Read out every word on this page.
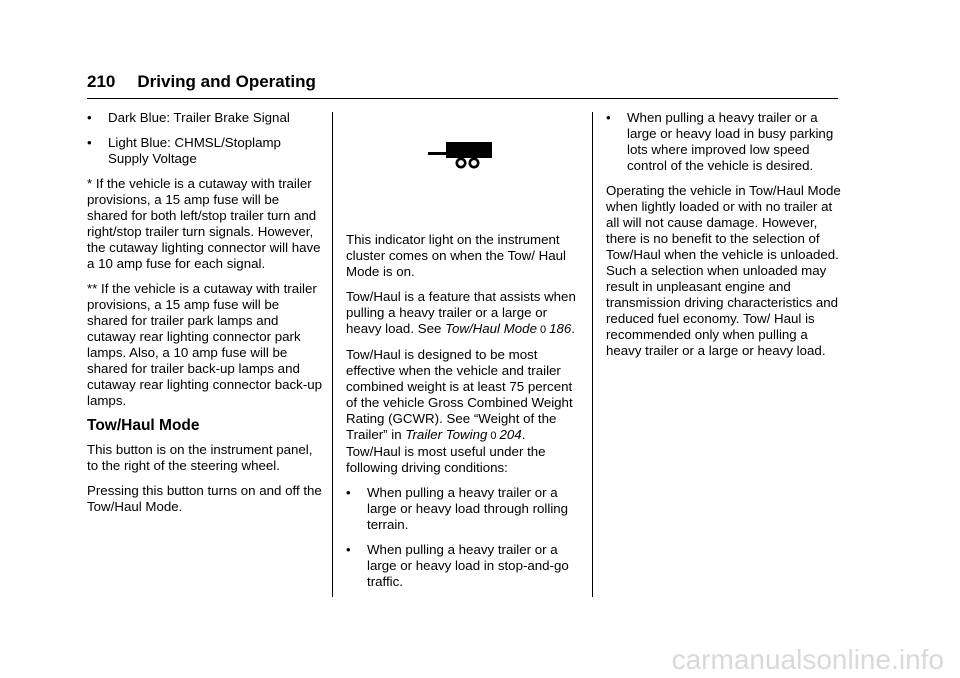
210 Driving and Operating
•	Dark Blue: Trailer Brake Signal
•	Light Blue: CHMSL/Stoplamp Supply Voltage

* If the vehicle is a cutaway with trailer provisions, a 15 amp fuse will be shared for both left/stop trailer turn and right/stop trailer turn signals. However, the cutaway lighting connector will have a 10 amp fuse for each signal.

** If the vehicle is a cutaway with trailer provisions, a 15 amp fuse will be shared for trailer park lamps and cutaway rear lighting connector park lamps. Also, a 10 amp fuse will be shared for trailer back-up lamps and cutaway rear lighting connector back-up lamps.

Tow/Haul Mode

This button is on the instrument panel, to the right of the steering wheel.

Pressing this button turns on and off the Tow/Haul Mode.

This indicator light on the instrument cluster comes on when the Tow/ Haul Mode is on.

Tow/Haul is a feature that assists when pulling a heavy trailer or a large or heavy load. See Tow/Haul Mode 0 186.

Tow/Haul is designed to be most effective when the vehicle and trailer combined weight is at least 75 percent of the vehicle Gross Combined Weight Rating (GCWR). See “Weight of the Trailer” in Trailer Towing 0 204. Tow/Haul is most useful under the following driving conditions:

•	When pulling a heavy trailer or a large or heavy load through rolling terrain.
•	When pulling a heavy trailer or a large or heavy load in stop-and-go traffic.
•	When pulling a heavy trailer or a large or heavy load in busy parking lots where improved low speed control of the vehicle is desired.

Operating the vehicle in Tow/Haul Mode when lightly loaded or with no trailer at all will not cause damage. However, there is no benefit to the selection of Tow/Haul when the vehicle is unloaded. Such a selection when unloaded may result in unpleasant engine and transmission driving characteristics and reduced fuel economy. Tow/ Haul is recommended only when pulling a heavy trailer or a large or heavy load.

carmanualsonline.info
